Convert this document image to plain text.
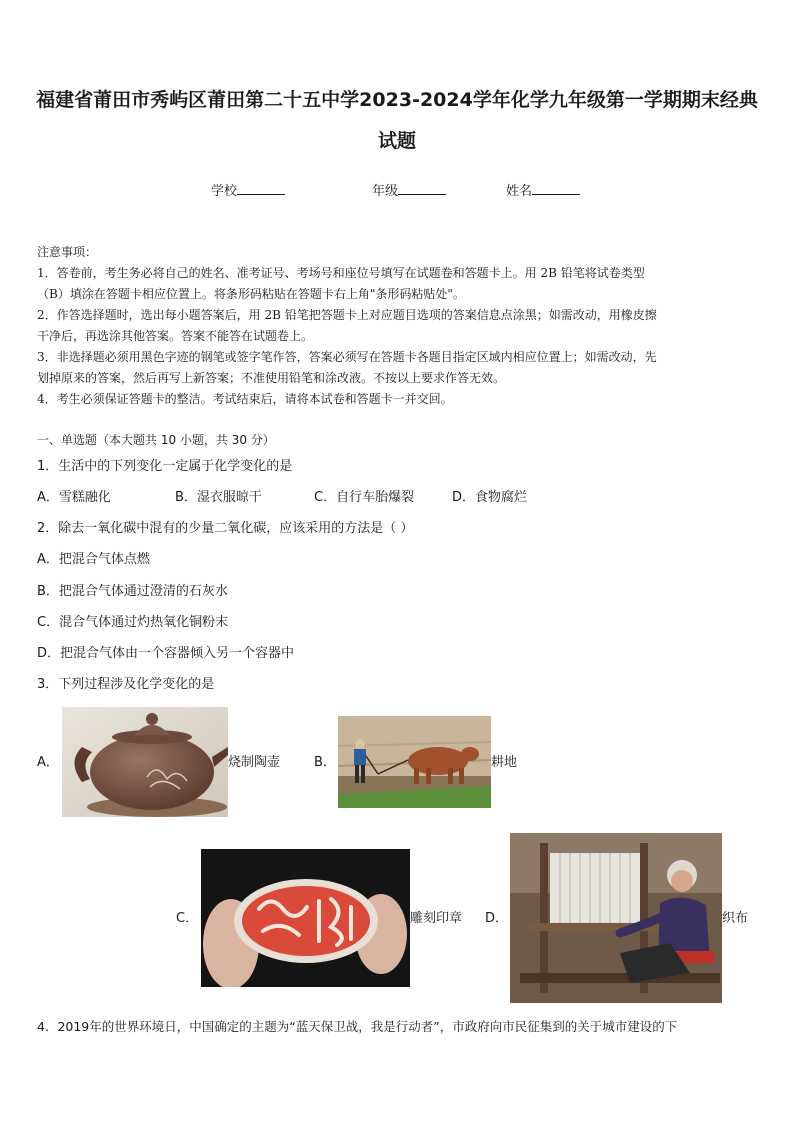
福建省莆田市秀屿区莆田第二十五中学2023-2024学年化学九年级第一学期期末经典
试题
学校	年级	姓名
注意事项：
1．答卷前，考生务必将自己的姓名、准考证号、考场号和座位号填写在试题卷和答题卡上。用 2B 铅笔将试卷类型
（B）填涂在答题卡相应位置上。将条形码粘贴在答题卡右上角"条形码粘贴处"。
2．作答选择题时，选出每小题答案后，用 2B 铅笔把答题卡上对应题目选项的答案信息点涂黑；如需改动，用橡皮擦
干净后，再选涂其他答案。答案不能答在试题卷上。
3．非选择题必须用黑色字迹的钢笔或签字笔作答，答案必须写在答题卡各题目指定区域内相应位置上；如需改动，先
划掉原来的答案，然后再写上新答案；不准使用铅笔和涂改液。不按以上要求作答无效。
4．考生必须保证答题卡的整洁。考试结束后，请将本试卷和答题卡一并交回。
一、单选题（本大题共 10 小题，共 30 分）
1．生活中的下列变化一定属于化学变化的是
A．雪糕融化	B．湿衣服晾干	C．自行车胎爆裂	D．食物腐烂
2．除去一氧化碳中混有的少量二氧化碳，应该采用的方法是（ ）
A．把混合气体点燃
B．把混合气体通过澄清的石灰水
C．混合气体通过灼热氧化铜粉末
D．把混合气体由一个容器倾入另一个容器中
3．下列过程涉及化学变化的是
A．	烧制陶壶	B．	耕地
C．	雕刻印章 D．	织布
4．2019年的世界环境日，中国确定的主题为“蓝天保卫战，我是行动者”，市政府向市民征集到的关于城市建设的下
